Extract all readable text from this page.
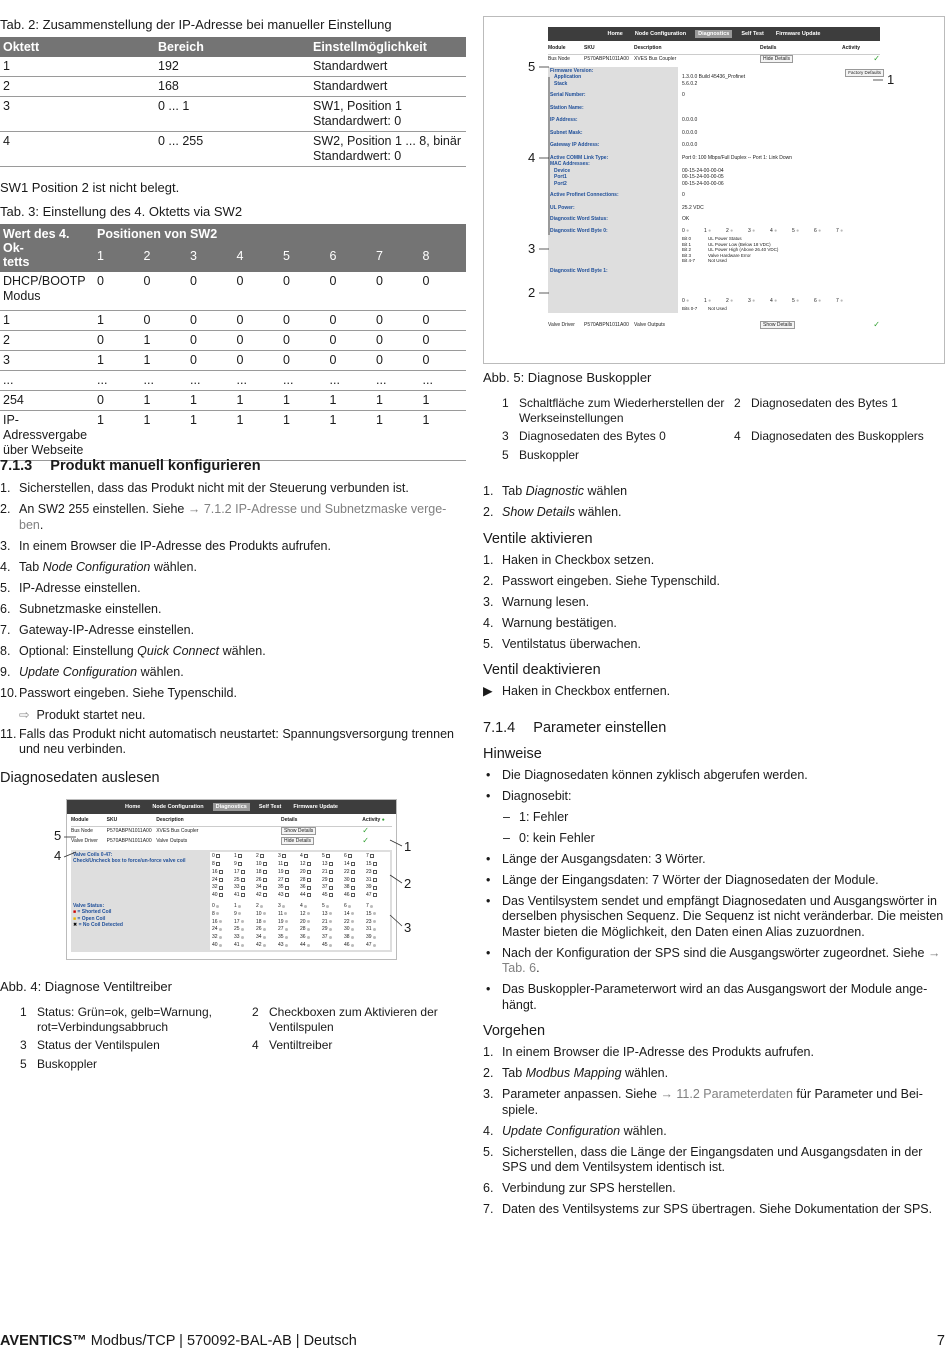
Tab. 2: Zusammenstellung der IP-Adresse bei manueller Einstellung
Oktett	Bereich	Einstellmöglichkeit
1	192	Standardwert
2	168	Standardwert
3	0 ... 1	SW1, Position 1
Standardwert: 0
4	0 ... 255	SW2, Position 1 ... 8, binär
Standardwert: 0
SW1 Position 2 ist nicht belegt.
Tab. 3: Einstellung des 4. Oktetts via SW2
Wert des 4. Ok-
tetts	Positionen von SW2							
	1	2	3	4	5	6	7	8
DHCP/BOOTP
Modus	0	0	0	0	0	0	0	0
1	1	0	0	0	0	0	0	0
2	0	1	0	0	0	0	0	0
3	1	1	0	0	0	0	0	0
...	...	...	...	...	...	...	...	...
254	0	1	1	1	1	1	1	1
IP-Adressvergabe
über Webseite	1	1	1	1	1	1	1	1
7.1.3 Produkt manuell konfigurieren
1. Sicherstellen, dass das Produkt nicht mit der Steuerung verbunden ist.
2. An SW2 255 einstellen. Siehe → 7.1.2 IP-Adresse und Subnetzmaske vergeben.
3. In einem Browser die IP-Adresse des Produkts aufrufen.
4. Tab Node Configuration wählen.
5. IP-Adresse einstellen.
6. Subnetzmaske einstellen.
7. Gateway-IP-Adresse einstellen.
8. Optional: Einstellung Quick Connect wählen.
9. Update Configuration wählen.
10. Passwort eingeben. Siehe Typenschild.
⇨ Produkt startet neu.
11. Falls das Produkt nicht automatisch neustartet: Spannungsversorgung trennen und neu verbinden.
Diagnosedaten auslesen
Home	Node Configuration	Diagnostics	Self Test	Firmware Update
Module	SKU	Description	Details	Activity ●
Bus Node	P570ABPN1011A00 XVES Bus Coupler	Show Details	✓
Valve Driver	P570ABPN1011A00 Valve Outputs	Hide Details	✓
Valve Coils 0-47:
Check/Uncheck box to force/un-force valve coil
Valve Status:
■ = Shorted Coil
■ = Open Coil
✖ = No Coil Detected
0	1	2	3	4	5	6	7
8	9	10	11	12	13	14	15
16	17	18	19	20	21	22	23
24	25	26	27	28	29	30	31
32	33	34	35	36	37	38	39
40	41	42	43	44	45	46	47
0	1	2	3	4	5	6	7
8	9	10	11	12	13	14	15
16	17	18	19	20	21	22	23
24	25	26	27	28	29	30	31
32	33	34	35	36	37	38	39
40	41	42	43	44	45	46	47
5
4
1
2
3
Abb. 4: Diagnose Ventiltreiber
1 Status: Grün=ok, gelb=Warnung, rot=Verbindungsabbruch
2 Checkboxen zum Aktivieren der Ventilspulen
3 Status der Ventilspulen	4 Ventiltreiber
5 Buskoppler
Home	Node Configuration	Diagnostics	Self Test	Firmware Update
Module	SKU	Description	Details	Activity
Bus Node	P570ABPN1011A00	XVES Bus Coupler	Hide Details	✓
Firmware Version:
Application
Stack
Serial Number:
Station Name:
IP Address:
Subnet Mask:
Gateway IP Address:
Active COMM Link Type:
MAC Addresses:
Device
Port1
Port2
Active Profinet Connections:
UL Power:
Diagnostic Word Status:
Diagnostic Word Byte 0:
Diagnostic Word Byte 1:
1.3.0.0 Build 45436_Profinet
5.6.0.2
0
0.0.0.0
0.0.0.0
0.0.0.0
Port 0: 100 Mbps/Full Duplex -- Port 1: Link Down
00-15-24-00-00-04
00-15-24-00-00-05
00-15-24-00-00-06
0
25.2 VDC
OK
0 ●	1 ●	2 ●	3 ●	4 ●	5 ●	6 ●	7 ●
Bit 0	UL Power Status
Bit 1	UL Power Low (Below 18 VDC)
Bit 2	UL Power High (Above 26.40 VDC)
Bit 3	Valve Hardware Error
Bit 4-7	Not Used
0 ●	1 ●	2 ●	3 ●	4 ●	5 ●	6 ●	7 ●
Bits 0-7	Not Used
Factory Defaults
Valve Driver	P570ABPN1011A00	Valve Outputs	Show Details	✓
5
4
3
2
1
Abb. 5: Diagnose Buskoppler
1 Schaltfläche zum Wiederherstellen der Werkseinstellungen
2 Diagnosedaten des Bytes 1
3 Diagnosedaten des Bytes 0	4 Diagnosedaten des Buskopplers
5 Buskoppler
1. Tab Diagnostic wählen
2. Show Details wählen.
Ventile aktivieren
1. Haken in Checkbox setzen.
2. Passwort eingeben. Siehe Typenschild.
3. Warnung lesen.
4. Warnung bestätigen.
5. Ventilstatus überwachen.
Ventil deaktivieren
▶ Haken in Checkbox entfernen.
7.1.4 Parameter einstellen
Hinweise
• Die Diagnosedaten können zyklisch abgerufen werden.
• Diagnosebit:
– 1: Fehler
– 0: kein Fehler
• Länge der Ausgangsdaten: 3 Wörter.
• Länge der Eingangsdaten: 7 Wörter der Diagnosedaten der Module.
• Das Ventilsystem sendet und empfängt Diagnosedaten und Ausgangswörter in derselben physischen Sequenz. Die Sequenz ist nicht veränderbar. Die meisten Master bieten die Möglichkeit, den Daten einen Alias zuzuordnen.
• Nach der Konfiguration der SPS sind die Ausgangswörter zugeordnet. Siehe → Tab. 6.
• Das Buskoppler-Parameterwort wird an das Ausgangswort der Module angehängt.
Vorgehen
1. In einem Browser die IP-Adresse des Produkts aufrufen.
2. Tab Modbus Mapping wählen.
3. Parameter anpassen. Siehe → 11.2 Parameterdaten für Parameter und Beispiele.
4. Update Configuration wählen.
5. Sicherstellen, dass die Länge der Eingangsdaten und Ausgangsdaten in der SPS und dem Ventilsystem identisch ist.
6. Verbindung zur SPS herstellen.
7. Daten des Ventilsystems zur SPS übertragen. Siehe Dokumentation der SPS.
AVENTICS™ Modbus/TCP | 570092-BAL-AB | Deutsch	7
